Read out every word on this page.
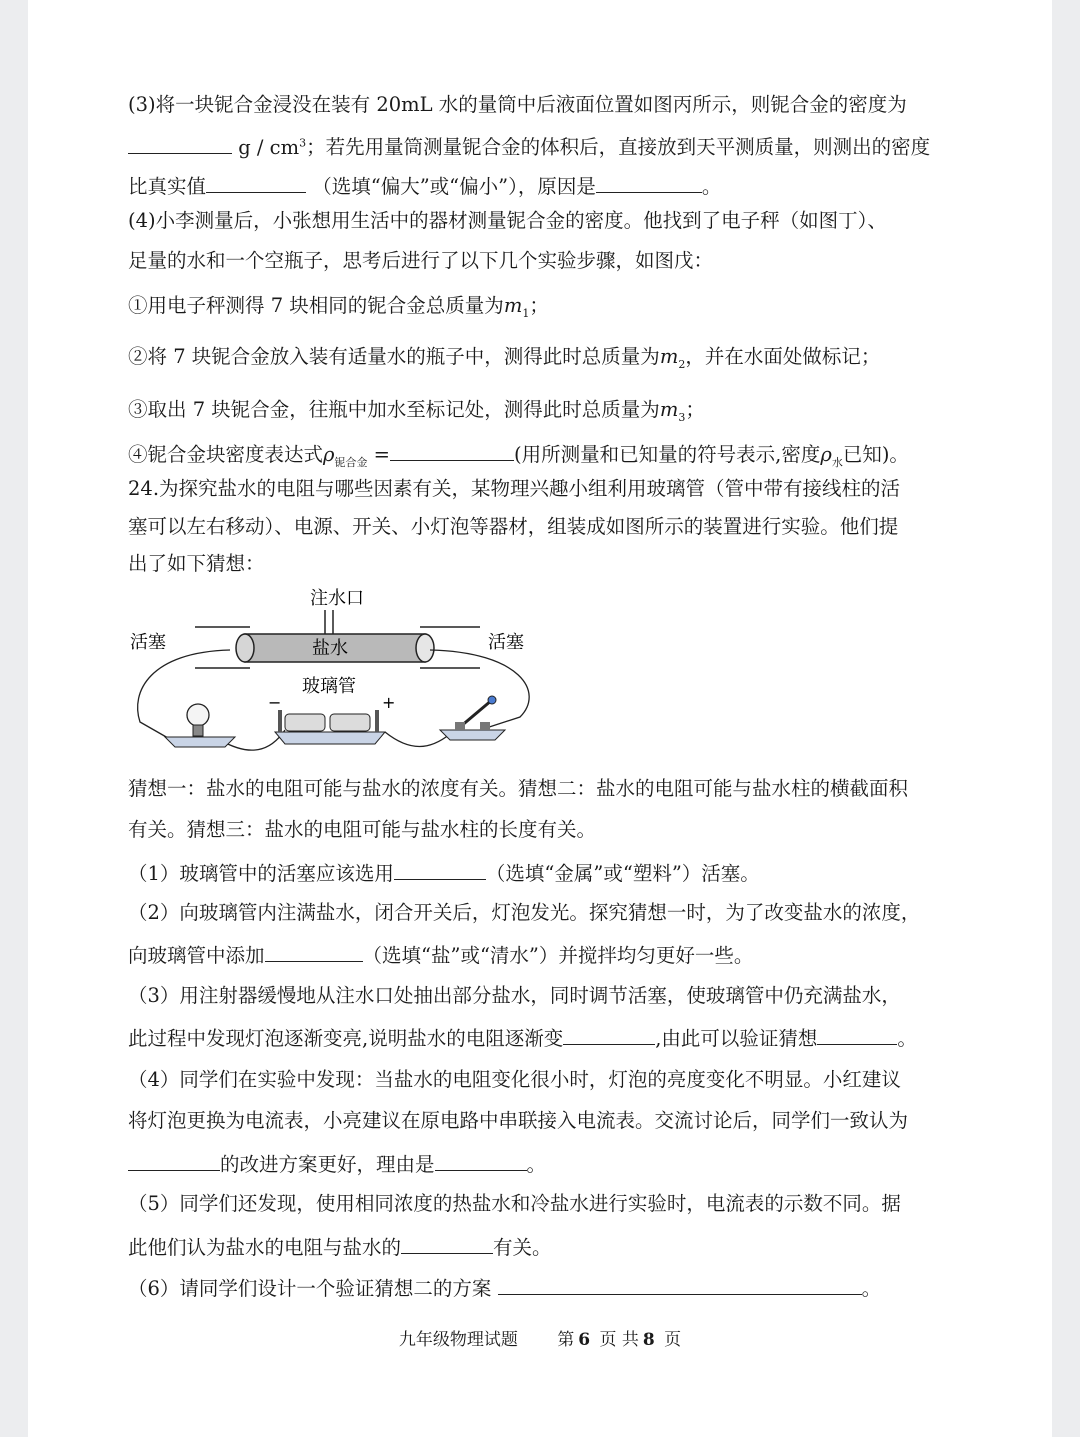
(3)将一块铌合金浸没在装有 20mL 水的量筒中后液面位置如图丙所示，则铌合金的密度为
g / $cm^3$；若先用量筒测量铌合金的体积后，直接放到天平测质量，则测出的密度
比真实值	（选填“偏大”或“偏小”），原因是	。
(4)小李测量后，小张想用生活中的器材测量铌合金的密度。他找到了电子秤（如图丁）、
足量的水和一个空瓶子，思考后进行了以下几个实验步骤，如图戊：
①用电子秤测得 7 块相同的铌合金总质量为$m_1$；
②将 7 块铌合金放入装有适量水的瓶子中，测得此时总质量为$m_2$，并在水面处做标记；
③取出 7 块铌合金，往瓶中加水至标记处，测得此时总质量为$m_3$；
④铌合金块密度表达式$\rho_{铌合金}$ =	(用所测量和已知量的符号表示,密度$\rho_水$已知)。
24.为探究盐水的电阻与哪些因素有关，某物理兴趣小组利用玻璃管（管中带有接线柱的活
塞可以左右移动）、电源、开关、小灯泡等器材，组装成如图所示的装置进行实验。他们提
出了如下猜想：
注水口
盐水
活塞	活塞
玻璃管
−	+
猜想一：盐水的电阻可能与盐水的浓度有关。猜想二：盐水的电阻可能与盐水柱的横截面积
有关。猜想三：盐水的电阻可能与盐水柱的长度有关。
（1）玻璃管中的活塞应该选用	（选填“金属”或“塑料”）活塞。
（2）向玻璃管内注满盐水，闭合开关后，灯泡发光。探究猜想一时，为了改变盐水的浓度，
向玻璃管中添加	（选填“盐”或“清水”）并搅拌均匀更好一些。
（3）用注射器缓慢地从注水口处抽出部分盐水，同时调节活塞，使玻璃管中仍充满盐水，
此过程中发现灯泡逐渐变亮,说明盐水的电阻逐渐变	,由此可以验证猜想	。
（4）同学们在实验中发现：当盐水的电阻变化很小时，灯泡的亮度变化不明显。小红建议
将灯泡更换为电流表，小亮建议在原电路中串联接入电流表。交流讨论后，同学们一致认为
的改进方案更好，理由是	。
（5）同学们还发现，使用相同浓度的热盐水和冷盐水进行实验时，电流表的示数不同。据
此他们认为盐水的电阻与盐水的	有关。
（6）请同学们设计一个验证猜想二的方案	。
九年级物理试题 第 6 页 共 8 页
